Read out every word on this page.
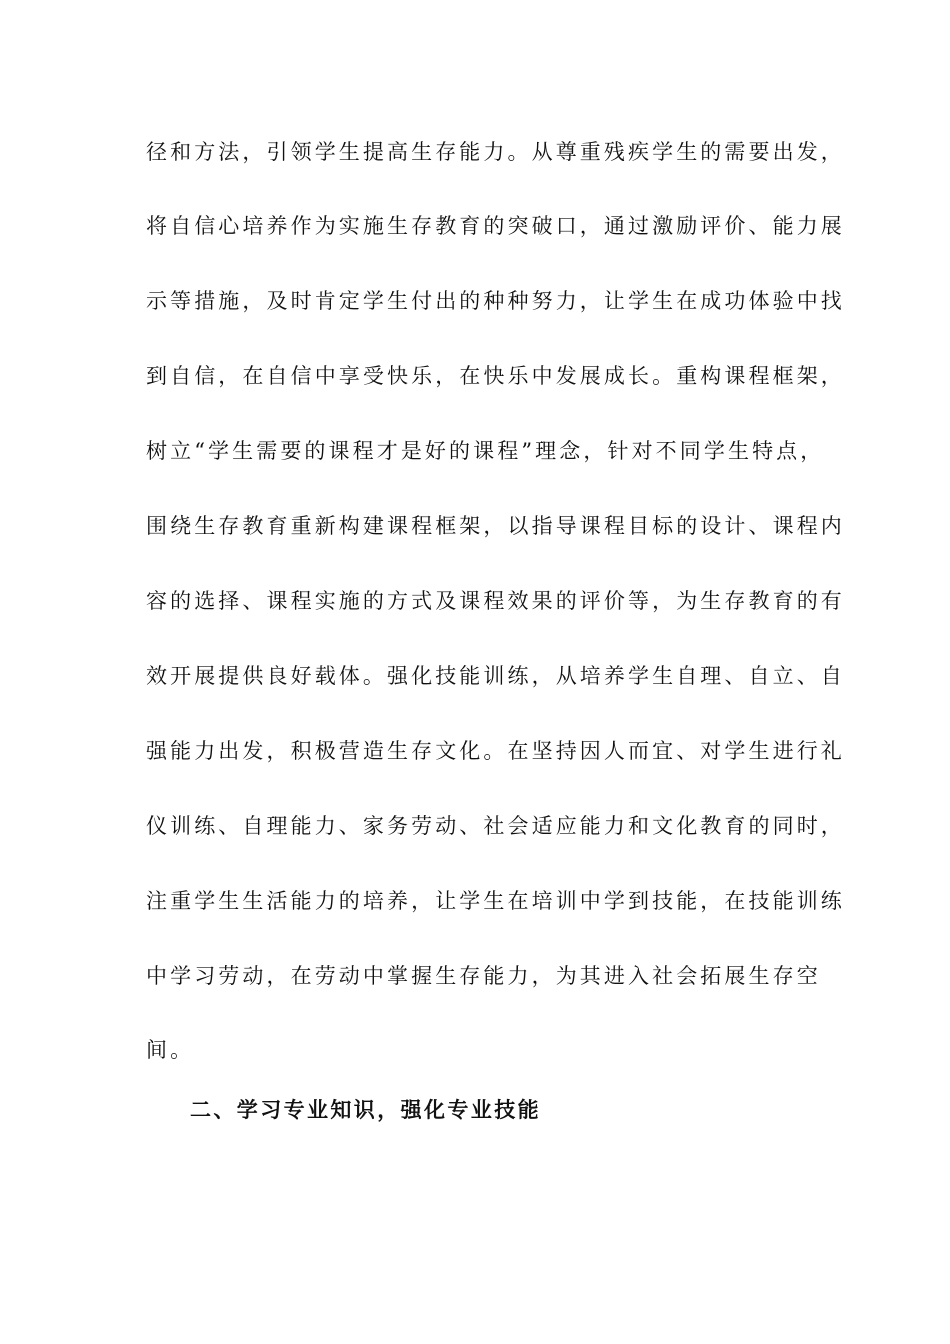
径和方法，引领学生提高生存能力。从尊重残疾学生的需要出发，
将自信心培养作为实施生存教育的突破口，通过激励评价、能力展
示等措施，及时肯定学生付出的种种努力，让学生在成功体验中找
到自信，在自信中享受快乐，在快乐中发展成长。重构课程框架，
树立“学生需要的课程才是好的课程”理念，针对不同学生特点，
围绕生存教育重新构建课程框架，以指导课程目标的设计、课程内
容的选择、课程实施的方式及课程效果的评价等，为生存教育的有
效开展提供良好载体。强化技能训练，从培养学生自理、自立、自
强能力出发，积极营造生存文化。在坚持因人而宜、对学生进行礼
仪训练、自理能力、家务劳动、社会适应能力和文化教育的同时，
注重学生生活能力的培养，让学生在培训中学到技能，在技能训练
中学习劳动，在劳动中掌握生存能力，为其进入社会拓展生存空
间。
二、学习专业知识，强化专业技能
